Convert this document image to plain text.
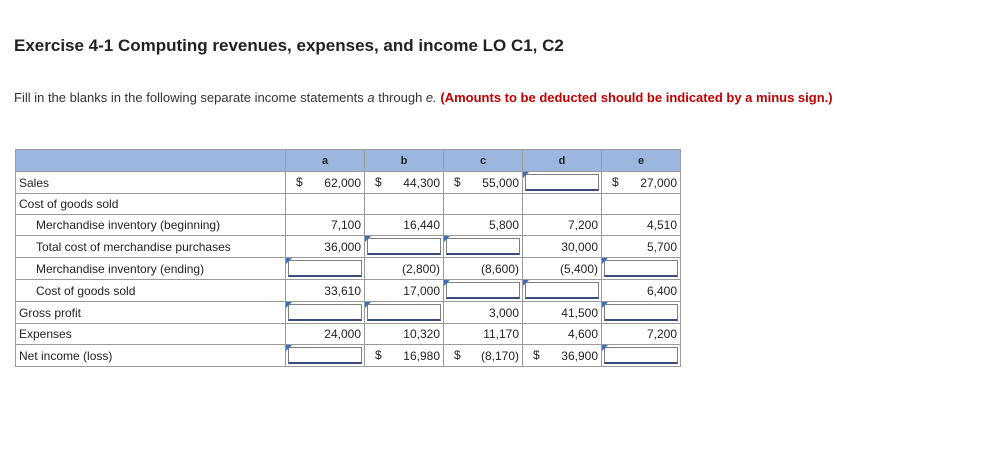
Exercise 4-1 Computing revenues, expenses, and income LO C1, C2
Fill in the blanks in the following separate income statements a through e. (Amounts to be deducted should be indicated by a minus sign.)
	a	b	c	d	e
Sales	$ 62,000	$ 44,300	$ 55,000		$ 27,000
Cost of goods sold					
Merchandise inventory (beginning)	7,100	16,440	5,800	7,200	4,510
Total cost of merchandise purchases	36,000			30,000	5,700
Merchandise inventory (ending)		(2,800)	(8,600)	(5,400)	

Cost of goods sold	33,610	17,000			6,400
Gross profit			3,000	41,500	

Expenses	24,000	10,320	11,170	4,600	7,200
Net income (loss)		$ 16,980	$ (8,170)	$ 36,900	
